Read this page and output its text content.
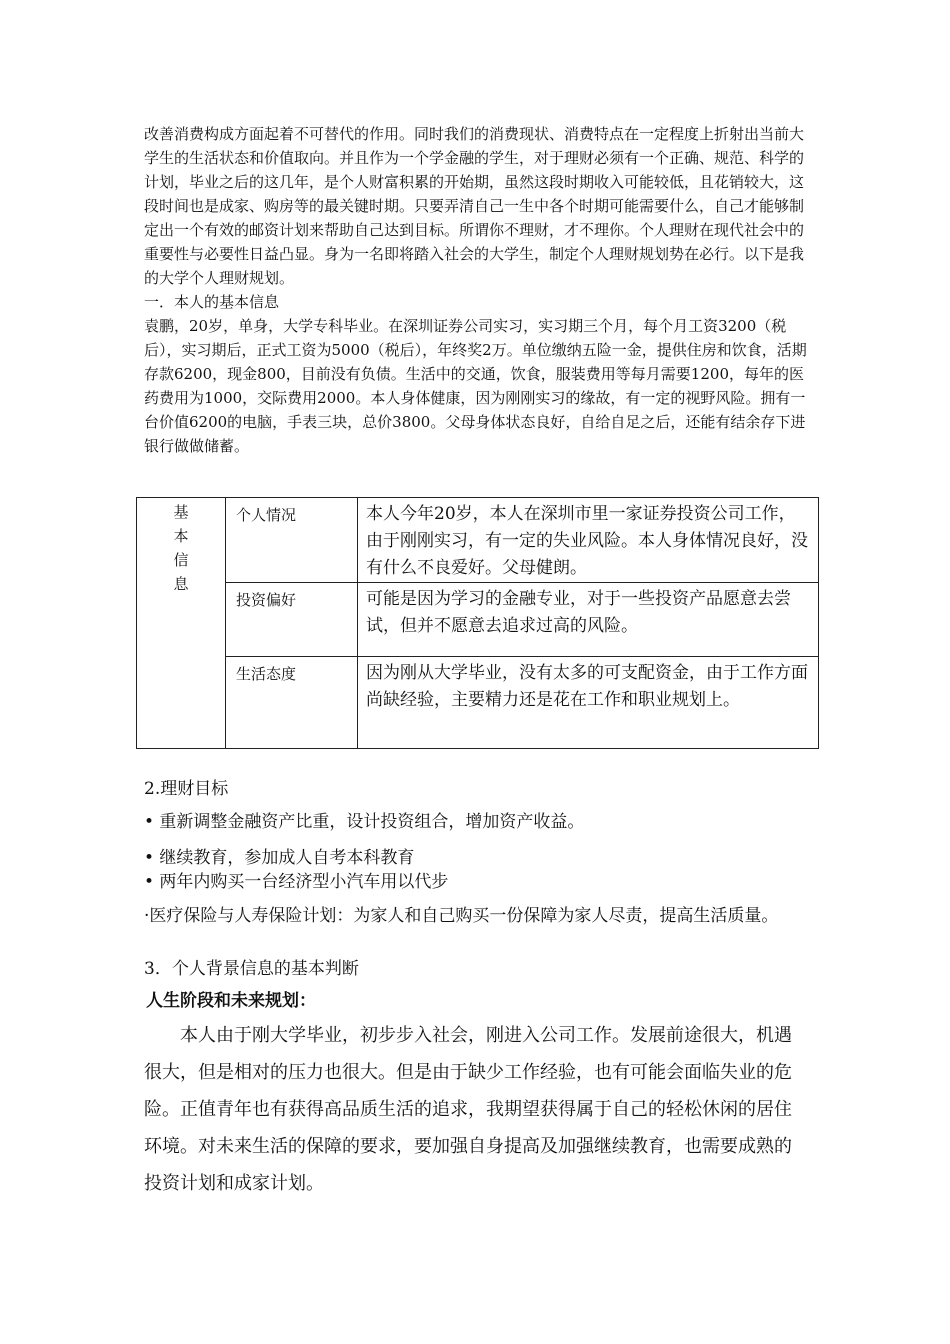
改善消费构成方面起着不可替代的作用。同时我们的消费现状、消费特点在一定程度上折射出当前大学生的生活状态和价值取向。并且作为一个学金融的学生，对于理财必须有一个正确、规范、科学的计划，毕业之后的这几年，是个人财富积累的开始期，虽然这段时期收入可能较低，且花销较大，这段时间也是成家、购房等的最关键时期。只要弄清自己一生中各个时期可能需要什么，自己才能够制定出一个有效的邮资计划来帮助自己达到目标。所谓你不理财，才不理你。个人理财在现代社会中的重要性与必要性日益凸显。身为一名即将踏入社会的大学生，制定个人理财规划势在必行。以下是我的大学个人理财规划。

一．本人的基本信息

袁鹏，20岁，单身，大学专科毕业。在深圳证券公司实习，实习期三个月，每个月工资3200（税后），实习期后，正式工资为5000（税后），年终奖2万。单位缴纳五险一金，提供住房和饮食，活期存款6200，现金800，目前没有负债。生活中的交通，饮食，服装费用等每月需要1200，每年的医药费用为1000，交际费用2000。本人身体健康，因为刚刚实习的缘故，有一定的视野风险。拥有一台价值6200的电脑，手表三块，总价3800。父母身体状态良好，自给自足之后，还能有结余存下进银行做做储蓄。

基
本
信
息	个人情况	本人今年20岁，本人在深圳市里一家证券投资公司工作，由于刚刚实习，有一定的失业风险。本人身体情况良好，没有什么不良爱好。父母健朗。
	投资偏好	可能是因为学习的金融专业，对于一些投资产品愿意去尝试，但并不愿意去追求过高的风险。
	生活态度	因为刚从大学毕业，没有太多的可支配资金，由于工作方面尚缺经验，主要精力还是花在工作和职业规划上。
2.理财目标
• 重新调整金融资产比重，设计投资组合，增加资产收益。
• 继续教育，参加成人自考本科教育
• 两年内购买一台经济型小汽车用以代步
·医疗保险与人寿保险计划：为家人和自己购买一份保障为家人尽责，提高生活质量。
3．个人背景信息的基本判断
人生阶段和未来规划：

本人由于刚大学毕业，初步步入社会，刚进入公司工作。发展前途很大，机遇很大，但是相对的压力也很大。但是由于缺少工作经验，也有可能会面临失业的危险。正值青年也有获得高品质生活的追求，我期望获得属于自己的轻松休闲的居住环境。对未来生活的保障的要求，要加强自身提高及加强继续教育，也需要成熟的投资计划和成家计划。
